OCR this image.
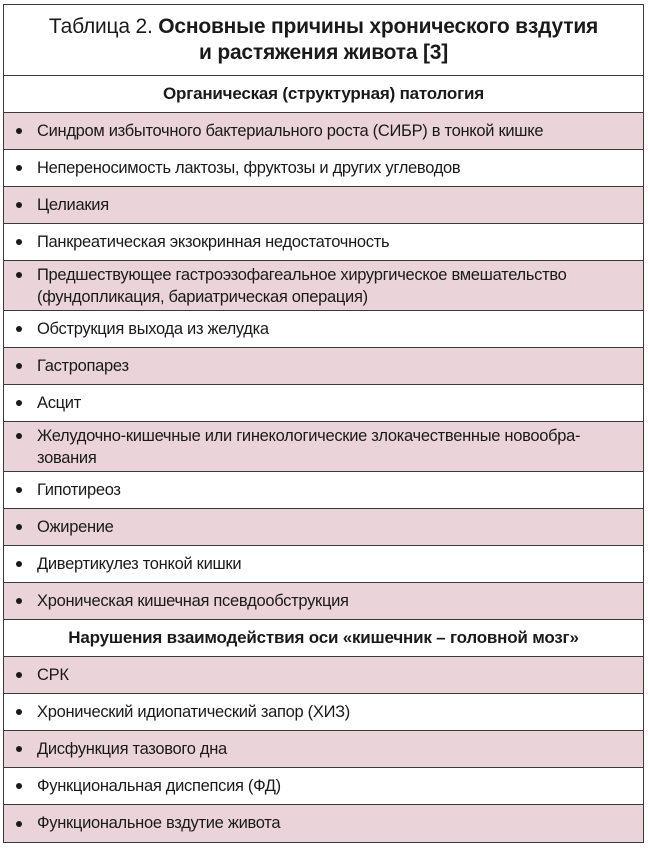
Таблица 2. Основные причины хронического вздутия
и растяжения живота [3]
Органическая (структурная) патология
Синдром избыточного бактериального роста (СИБР) в тонкой кишке
Непереносимость лактозы, фруктозы и других углеводов
Целиакия
Панкреатическая экзокринная недостаточность
Предшествующее гастроэзофагеальное хирургическое вмешательство (фундопликация, бариатрическая операция)
Обструкция выхода из желудка
Гастропарез
Асцит
Желудочно-кишечные или гинекологические злокачественные новообра-зования
Гипотиреоз
Ожирение
Дивертикулез тонкой кишки
Хроническая кишечная псевдообструкция
Нарушения взаимодействия оси «кишечник – головной мозг»
СРК
Хронический идиопатический запор (ХИЗ)
Дисфункция тазового дна
Функциональная диспепсия (ФД)
Функциональное вздутие живота
